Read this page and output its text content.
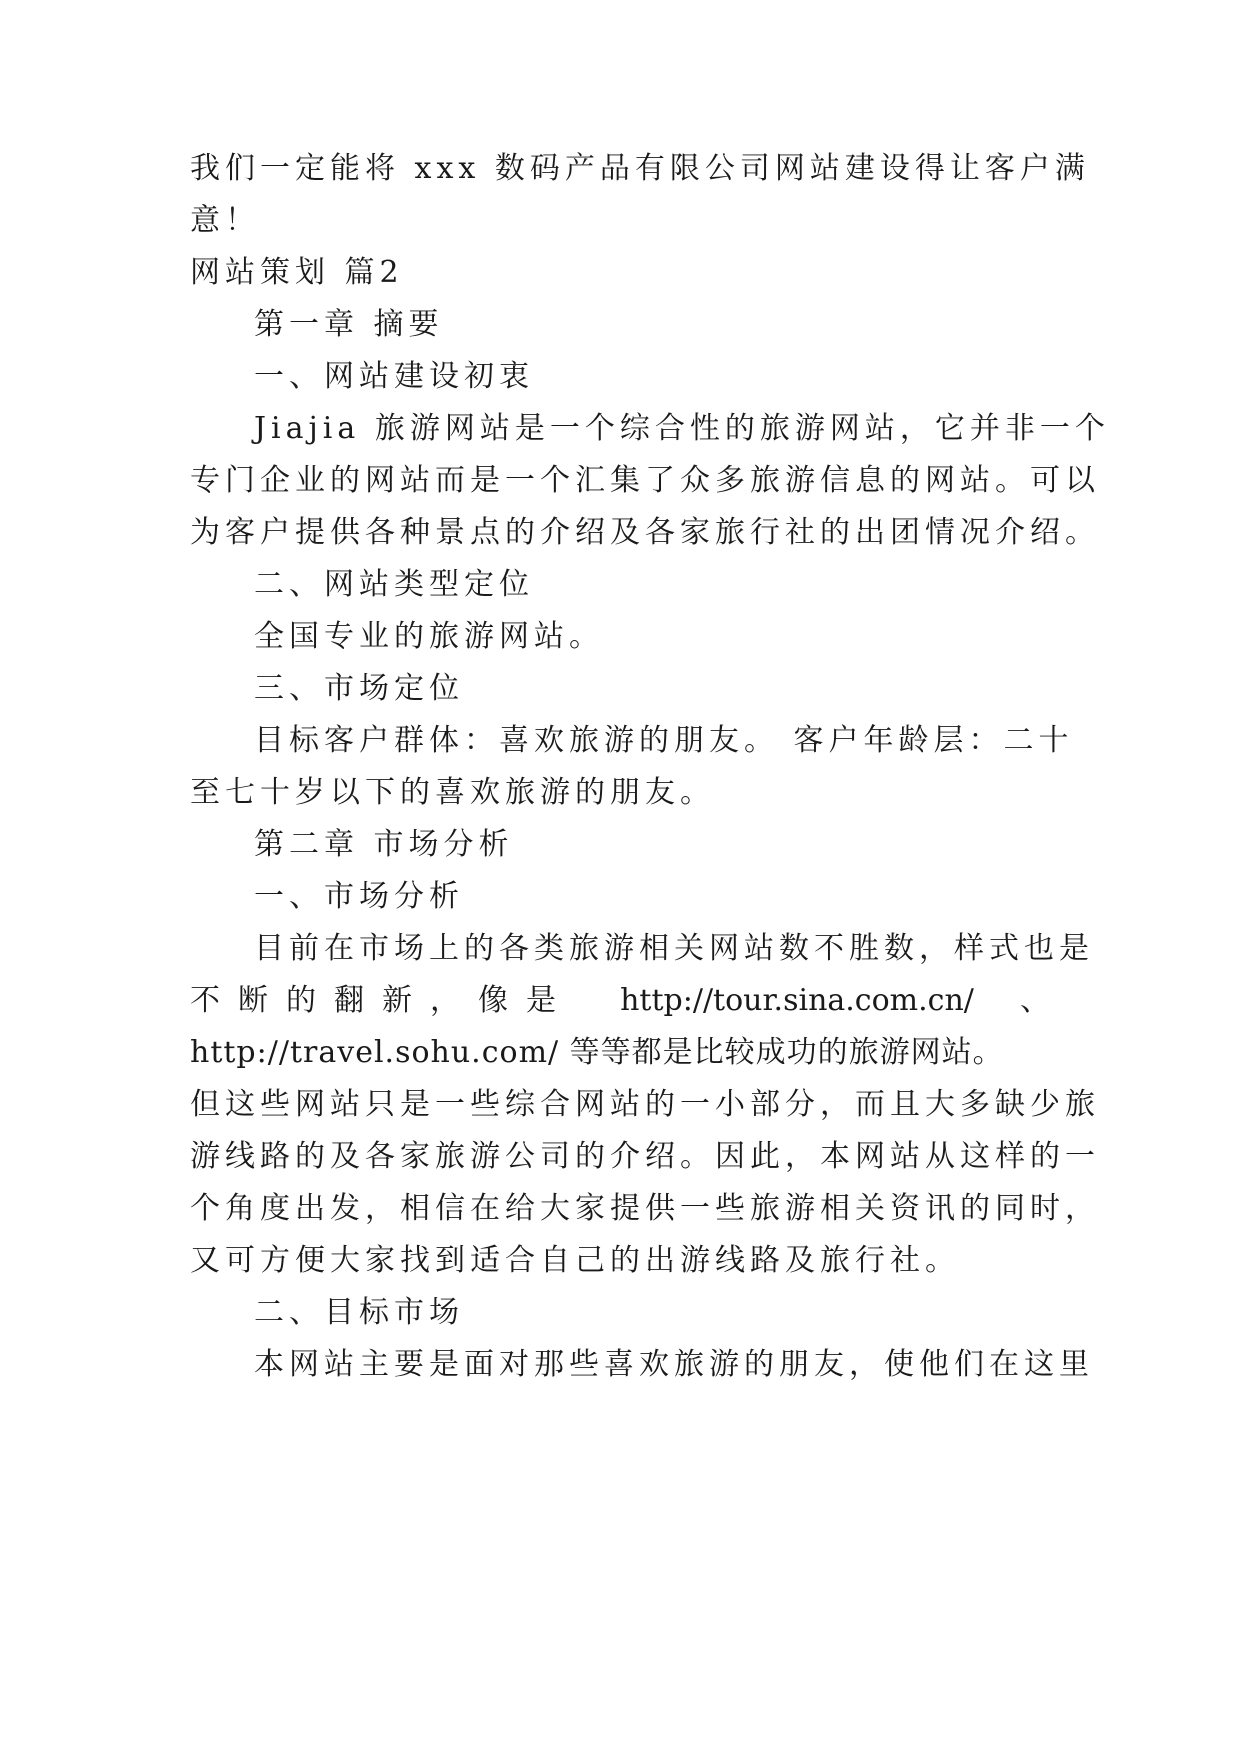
我们一定能将 xxx 数码产品有限公司网站建设得让客户满
意！
网站策划 篇2
第一章 摘要
一、网站建设初衷
Jiajia 旅游网站是一个综合性的旅游网站，它并非一个
专门企业的网站而是一个汇集了众多旅游信息的网站。可以
为客户提供各种景点的介绍及各家旅行社的出团情况介绍。
二、网站类型定位
全国专业的旅游网站。
三、市场定位
目标客户群体：喜欢旅游的朋友。 客户年龄层：二十
至七十岁以下的喜欢旅游的朋友。
第二章 市场分析
一、市场分析
目前在市场上的各类旅游相关网站数不胜数，样式也是
不断的翻新，像是 http://tour.sina.com.cn/ 、
http://travel.sohu.com/ 等等都是比较成功的旅游网站。
但这些网站只是一些综合网站的一小部分，而且大多缺少旅
游线路的及各家旅游公司的介绍。因此，本网站从这样的一
个角度出发，相信在给大家提供一些旅游相关资讯的同时，
又可方便大家找到适合自己的出游线路及旅行社。
二、目标市场
本网站主要是面对那些喜欢旅游的朋友，使他们在这里
